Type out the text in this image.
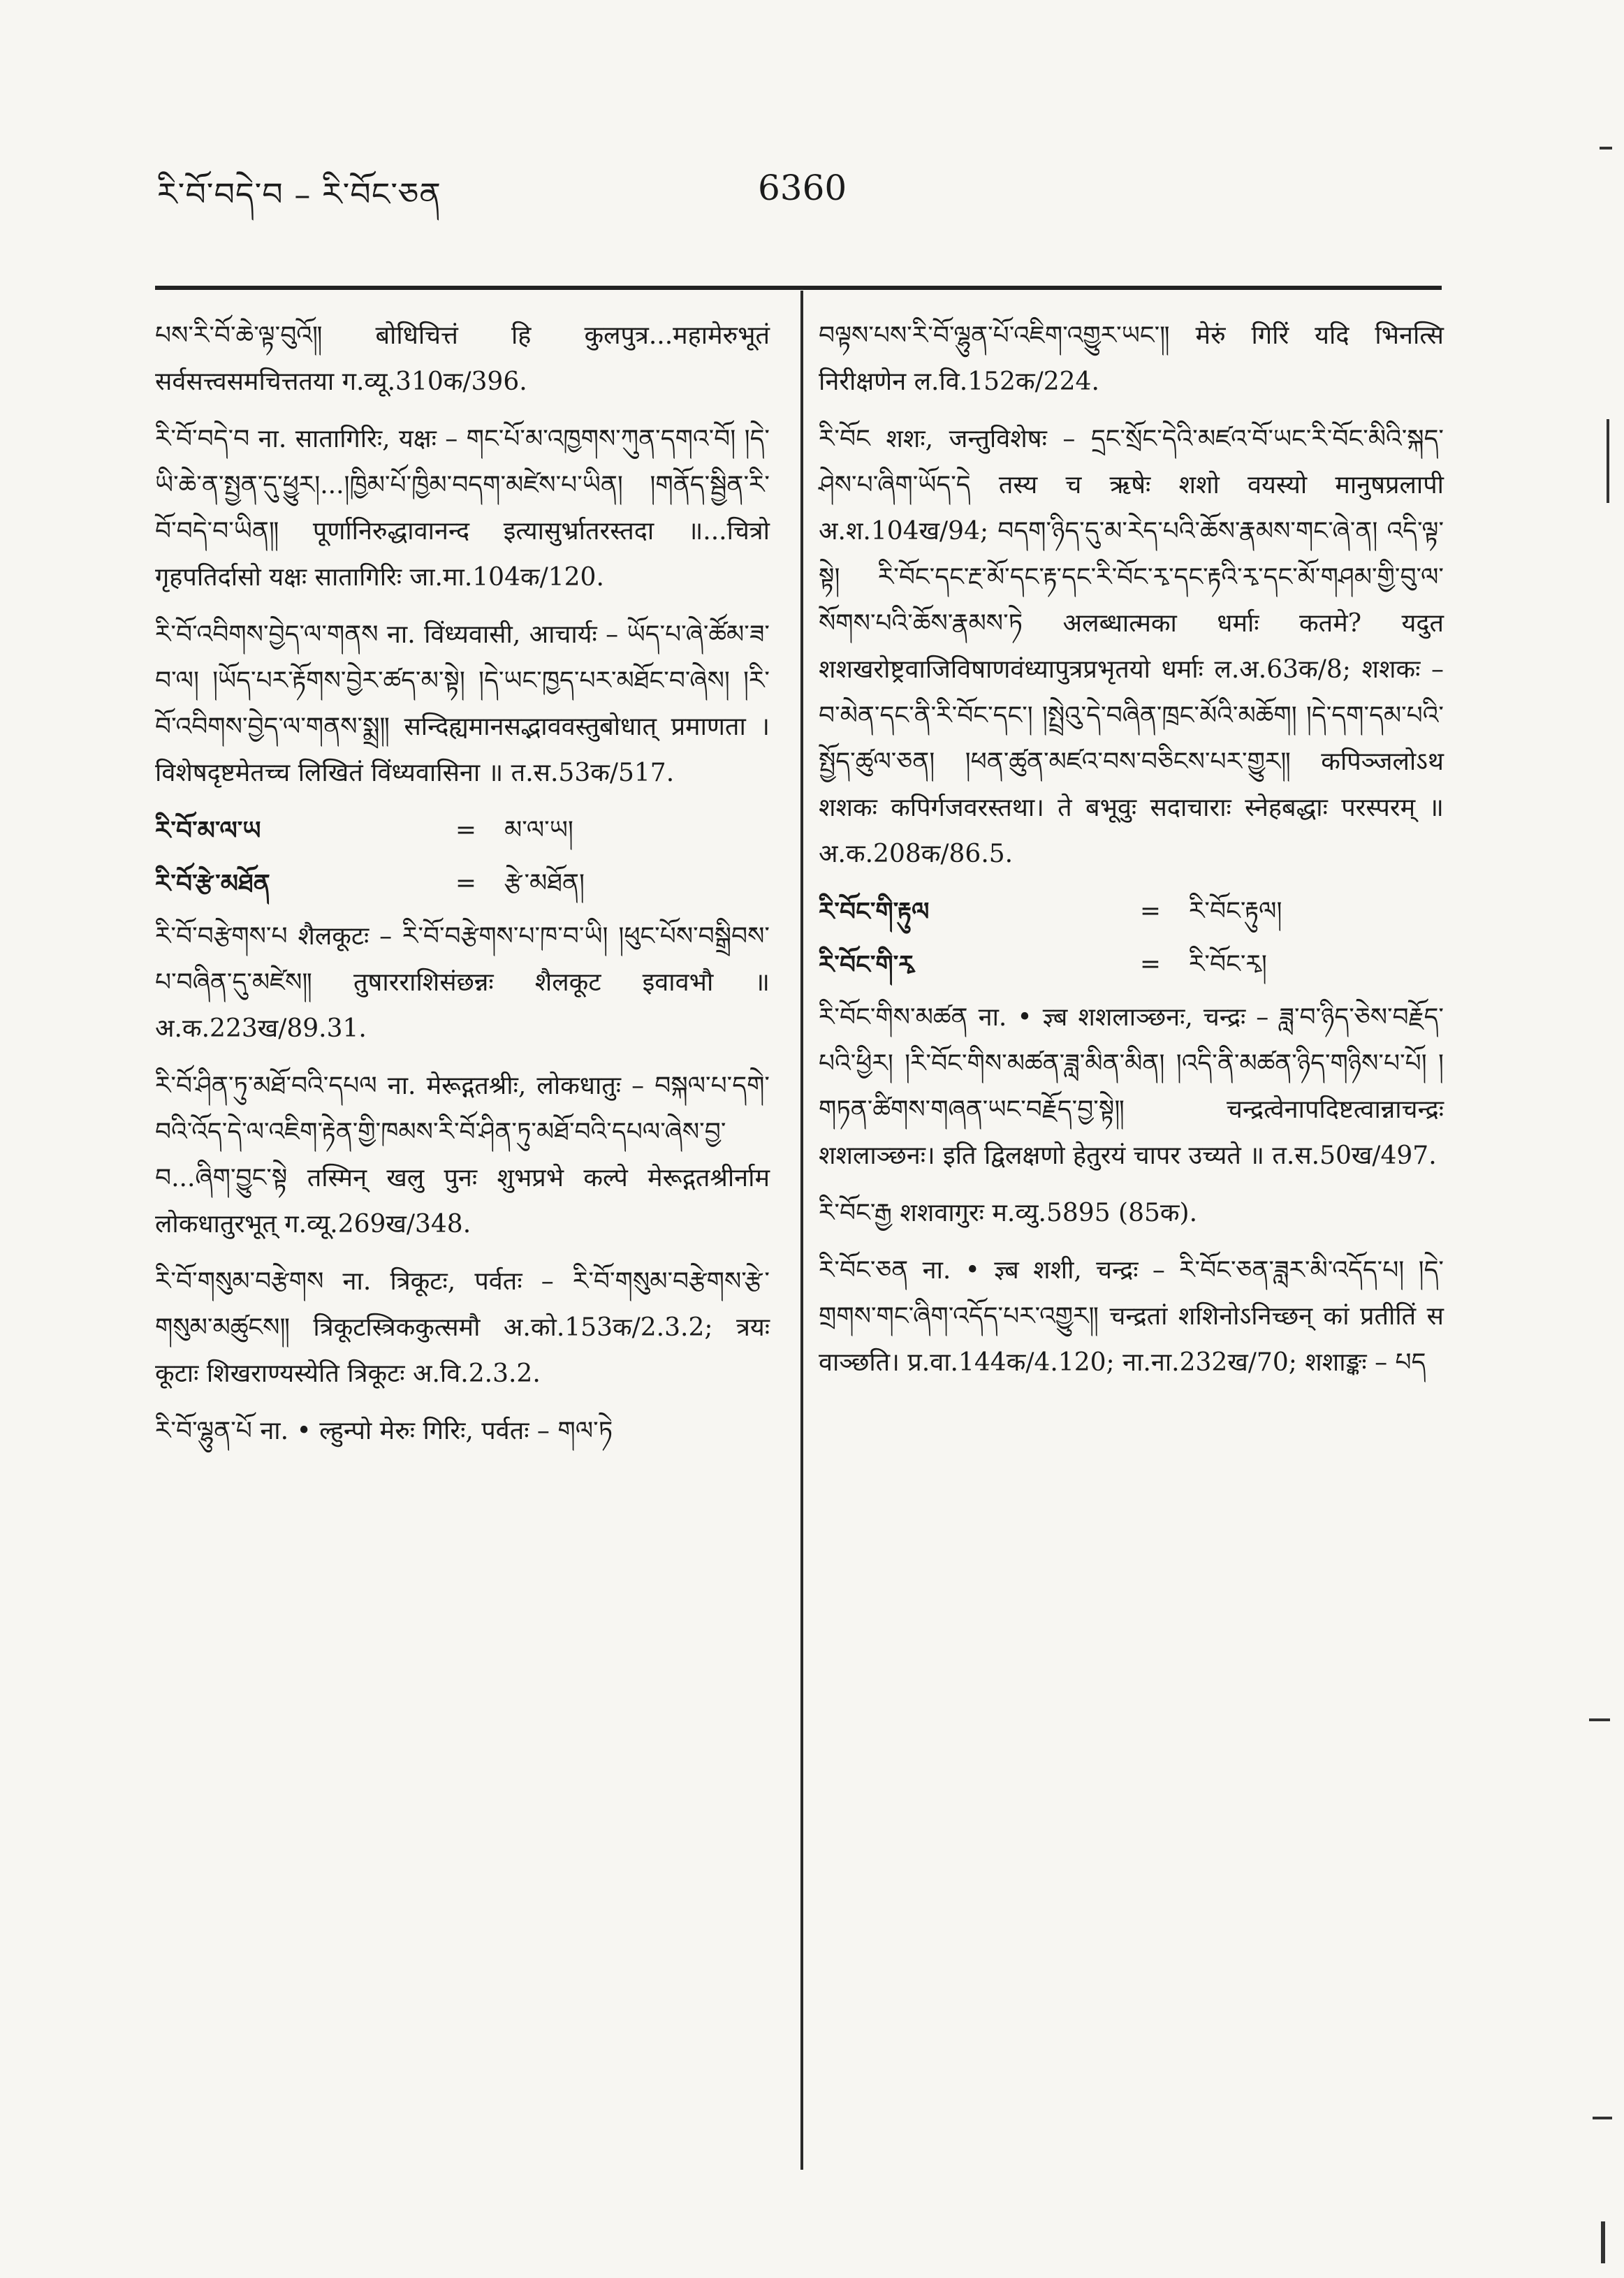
རི་བོ་བདེ་བ – རི་བོང་ཅན	6360
པས་རི་བོ་ཆེ་ལྟ་བུའོ༎ बोधिचित्तं हि कुलपुत्र...महामेरुभूतं सर्वसत्त्वसमचित्ततया ग.व्यू.310क/396.
རི་བོ་བདེ་བ ना. सातागिरिः, यक्षः – གང་པོ་མ་འཁྱགས་ཀུན་དགའ་བོ། །དེ་ཡི་ཆེ་ན་སྤྱན་དུ་ཕྱུར།...།ཁྱིམ་པོ་ཁྱིམ་བདག་མཛེས་པ་ཡིན། །གནོད་སྦྱིན་རི་བོ་བདེ་བ་ཡིན༎ पूर्णानिरुद्धावानन्द इत्यासुर्भ्रातरस्तदा ॥...चित्रो गृहपतिर्दासो यक्षः सातागिरिः जा.मा.104क/120.
རི་བོ་འབིགས་བྱེད་ལ་གནས ना. विंध्यवासी, आचार्यः – ཡོད་པ་ཞེ་ཚོམ་ཟ་བ་ལ། །ཡོད་པར་རྟོགས་བྱེར་ཚད་མ་སྟེ། །དེ་ཡང་ཁྱད་པར་མཐོང་བ་ཞེས། །རི་བོ་འབིགས་བྱེད་ལ་གནས་སྨྲ༎ सन्दिह्यमानसद्भाववस्तुबोधात् प्रमाणता । विशेषदृष्टमेतच्च लिखितं विंध्यवासिना ॥ त.स.53क/517.
རི་བོ་མ་ལ་ཡ	=	མ་ལ་ཡ།
རི་བོ་རྩེ་མཐོན	=	རྩེ་མཐོན།
རི་བོ་བརྩེགས་པ शैलकूटः – རི་བོ་བརྩེགས་པ་ཁ་བ་ཡི། །ཕུང་པོས་བསྒྲིབས་པ་བཞིན་དུ་མཛེས༎ तुषारराशिसंछन्नः शैलकूट इवावभौ ॥ अ.क.223ख/89.31.
རི་བོ་ཤིན་ཏུ་མཐོ་བའི་དཔལ ना. मेरूद्गतश्रीः, लोकधातुः – བསྐལ་པ་དགེ་བའི་འོད་དེ་ལ་འཇིག་རྟེན་གྱི་ཁམས་རི་བོ་ཤིན་ཏུ་མཐོ་བའི་དཔལ་ཞེས་བྱ་བ...ཞིག་བྱུང་སྟེ तस्मिन् खलु पुनः शुभप्रभे कल्पे मेरूद्गतश्रीर्नाम लोकधातुरभूत् ग.व्यू.269ख/348.
རི་བོ་གསུམ་བརྩེགས ना. त्रिकूटः, पर्वतः – རི་བོ་གསུམ་བརྩེགས་རྩེ་གསུམ་མཚུངས༎ त्रिकूटस्त्रिककुत्समौ अ.को.153क/2.3.2; त्रयः कूटाः शिखराण्यस्येति त्रिकूटः अ.वि.2.3.2.
རི་བོ་ལྷུན་པོ ना. • ल्हुन्पो मेरुः गिरिः, पर्वतः – གལ་ཏེ
བལྟས་པས་རི་བོ་ལྷུན་པོ་འཇིག་འགྱུར་ཡང་༎ मेरुं गिरिं यदि भिनत्सि निरीक्षणेन ल.वि.152क/224.
རི་བོང शशः, जन्तुविशेषः – དྲང་སྲོང་དེའི་མཛའ་བོ་ཡང་རི་བོང་མིའི་སྐད་ཤེས་པ་ཞིག་ཡོད་དེ तस्य च ऋषेः शशो वयस्यो मानुषप्रलापी अ.श.104ख/94; བདག་ཉིད་དུ་མ་རེད་པའི་ཆོས་རྣམས་གང་ཞེ་ན། འདི་ལྟ་སྟེ། རི་བོང་དང་རྔ་མོ་དང་རྟ་དང་རི་བོང་རྭ་དང་རྟའི་རྭ་དང་མོ་གཤམ་གྱི་བུ་ལ་སོགས་པའི་ཆོས་རྣམས་ཏེ अलब्धात्मका धर्माः कतमे? यदुत शशखरोष्ट्रवाजिविषाणवंध्यापुत्रप्रभृतयो धर्माः ल.अ.63क/8; शशकः – བ་མེན་དང་ནི་རི་བོང་དང་། །སྤྲེའུ་དེ་བཞིན་ཁྲང་མོའི་མཆོག། །དེ་དག་དམ་པའི་སྤྱོད་ཚུལ་ཅན། །ཕན་ཚུན་མཛའ་བས་བཅིངས་པར་གྱུར༎ कपिञ्जलोऽथ शशकः कपिर्गजवरस्तथा। ते बभूवुः सदाचाराः स्नेहबद्धाः परस्परम् ॥ अ.क.208क/86.5.
རི་བོང་གི་རྟུལ	=	རི་བོང་རྟུལ།
རི་བོང་གི་རྭ	=	རི་བོང་རྭ།
རི་བོང་གིས་མཚན ना. • ज्ञ्ब शशलाञ्छनः, चन्द्रः – ཟླ་བ་ཉིད་ཅེས་བརྗོད་པའི་ཕྱིར། །རི་བོང་གིས་མཚན་ཟླ་མིན་མིན། །འདི་ནི་མཚན་ཉིད་གཉིས་པ་པོ། །གཏན་ཚིགས་གཞན་ཡང་བརྗོད་བྱ་སྟེ༎ चन्द्रत्वेनापदिष्टत्वान्नाचन्द्रः शशलाञ्छनः। इति द्विलक्षणो हेतुरयं चापर उच्यते ॥ त.स.50ख/497.
རི་བོང་རྒྱ शशवागुरः म.व्यु.5895 (85क).
རི་བོང་ཅན ना. • ज्ञ्ब शशी, चन्द्रः – རི་བོང་ཅན་ཟླར་མི་འདོད་པ། །དེ་གྲགས་གང་ཞིག་འདོད་པར་འགྱུར༎ चन्द्रतां शशिनोऽनिच्छन् कां प्रतीतिं स वाञ्छति। प्र.वा.144क/4.120; ना.ना.232ख/70; शशाङ्कः – པད
